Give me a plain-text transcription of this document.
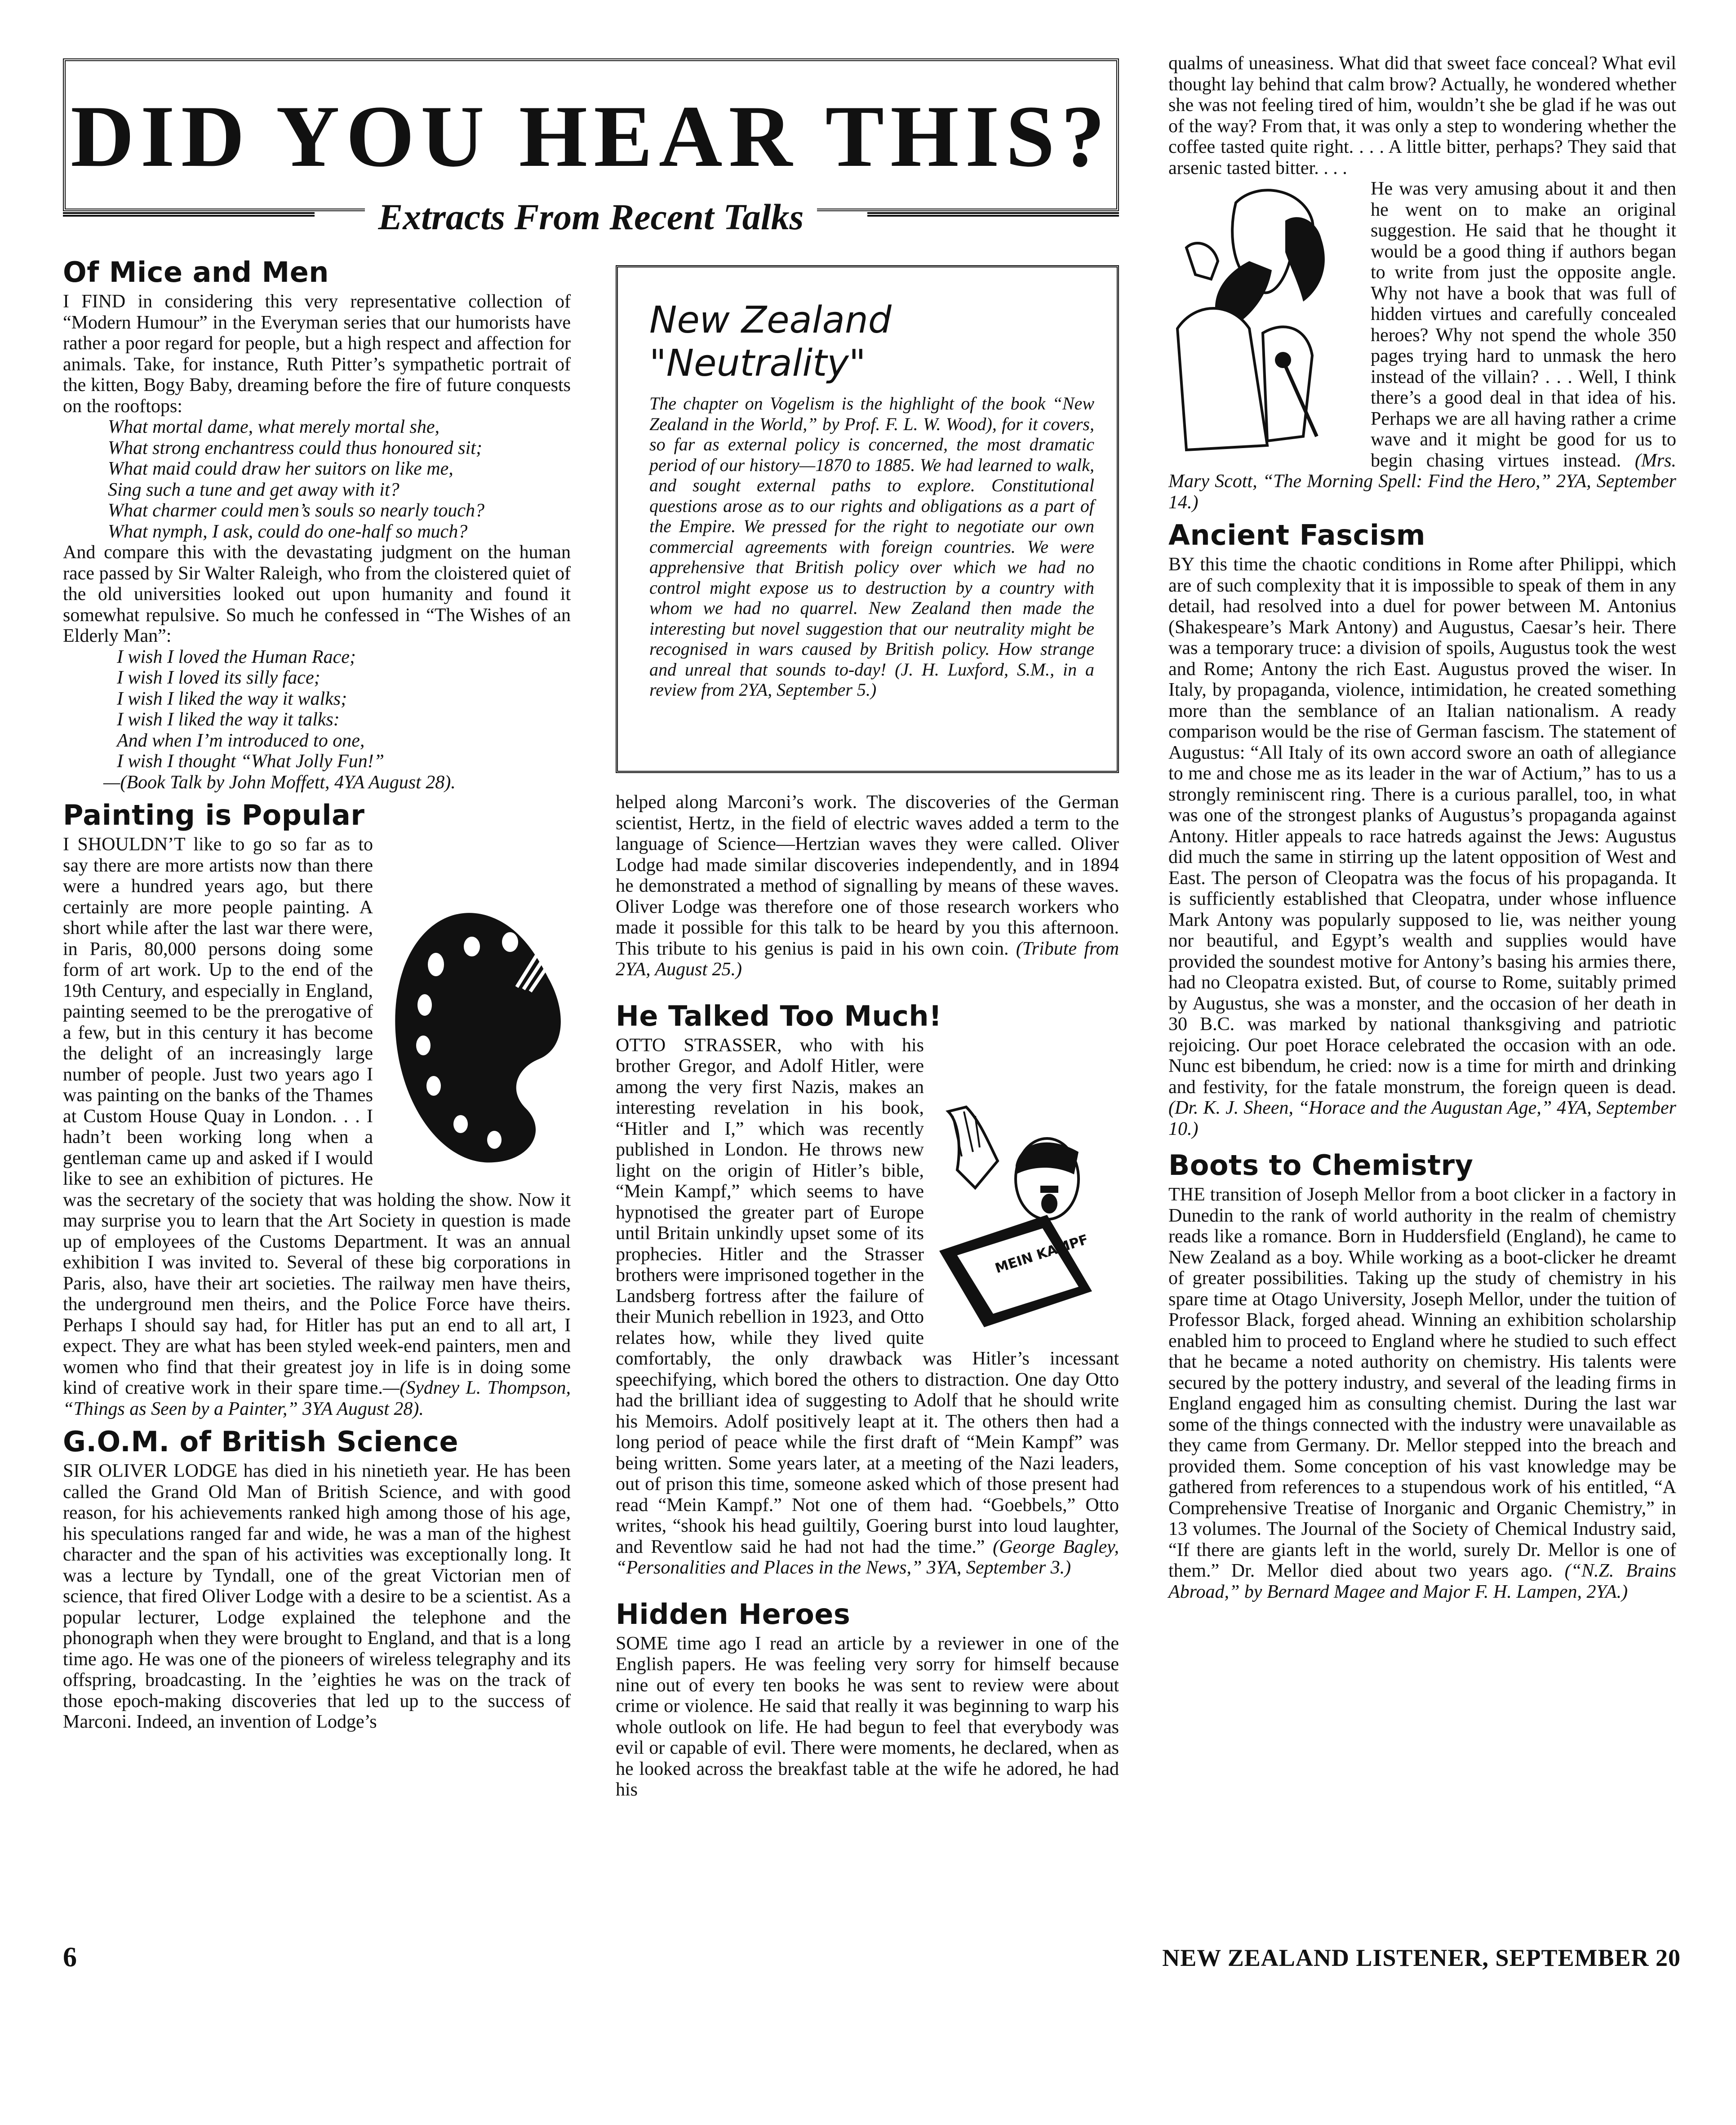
DID YOU HEAR THIS?
Extracts From Recent Talks
Of Mice and Men

I FIND in considering this very representative collection of “Modern Humour” in the Everyman series that our humorists have rather a poor regard for people, but a high respect and affection for animals. Take, for instance, Ruth Pitter’s sympathetic portrait of the kitten, Bogy Baby, dreaming before the fire of future conquests on the rooftops:

What mortal dame, what merely mortal she,
What strong enchantress could thus honoured sit;
What maid could draw her suitors on like me,
Sing such a tune and get away with it?
What charmer could men’s souls so nearly touch?
What nymph, I ask, could do one-half so much?

And compare this with the devastating judgment on the human race passed by Sir Walter Raleigh, who from the cloistered quiet of the old universities looked out upon humanity and found it somewhat repulsive. So much he confessed in “The Wishes of an Elderly Man”:

I wish I loved the Human Race;
I wish I loved its silly face;
I wish I liked the way it walks;
I wish I liked the way it talks:
And when I’m introduced to one,
I wish I thought “What Jolly Fun!”
—(Book Talk by John Moffett, 4YA August 28).
Painting is Popular

I SHOULDN’T like to go so far as to say there are more artists now than there were a hundred years ago, but there certainly are more people painting. A short while after the last war there were, in Paris, 80,000 persons doing some form of art work. Up to the end of the 19th Century, and especially in England, painting seemed to be the prerogative of a few, but in this century it has become the delight of an increasingly large number of people. Just two years ago I was painting on the banks of the Thames at Custom House Quay in London. . . I hadn’t been working long when a gentleman came up and asked if I would like to see an exhibition of pictures. He was the secretary of the society that was holding the show. Now it may surprise you to learn that the Art Society in question is made up of employees of the Customs Department. It was an annual exhibition I was invited to. Several of these big corporations in Paris, also, have their art societies. The railway men have theirs, the underground men theirs, and the Police Force have theirs. Perhaps I should say had, for Hitler has put an end to all art, I expect. They are what has been styled week-end painters, men and women who find that their greatest joy in life is in doing some kind of creative work in their spare time.—(Sydney L. Thompson, “Things as Seen by a Painter,” 3YA August 28).

G.O.M. of British Science

SIR OLIVER LODGE has died in his ninetieth year. He has been called the Grand Old Man of British Science, and with good reason, for his achievements ranked high among those of his age, his speculations ranged far and wide, he was a man of the highest character and the span of his activities was exceptionally long. It was a lecture by Tyndall, one of the great Victorian men of science, that fired Oliver Lodge with a desire to be a scientist. As a popular lecturer, Lodge explained the telephone and the phonograph when they were brought to England, and that is a long time ago. He was one of the pioneers of wireless telegraphy and its offspring, broadcasting. In the ’eighties he was on the track of those epoch-making discoveries that led up to the success of Marconi. Indeed, an invention of Lodge’s

New Zealand "Neutrality"
The chapter on Vogelism is the highlight of the book “New Zealand in the World,” by Prof. F. L. W. Wood), for it covers, so far as external policy is concerned, the most dramatic period of our history—1870 to 1885. We had learned to walk, and sought external paths to explore. Constitutional questions arose as to our rights and obligations as a part of the Empire. We pressed for the right to negotiate our own commercial agreements with foreign countries. We were apprehensive that British policy over which we had no control might expose us to destruction by a country with whom we had no quarrel. New Zealand then made the interesting but novel suggestion that our neutrality might be recognised in wars caused by British policy. How strange and unreal that sounds to-day! (J. H. Luxford, S.M., in a review from 2YA, September 5.)

helped along Marconi’s work. The discoveries of the German scientist, Hertz, in the field of electric waves added a term to the language of Science—Hertzian waves they were called. Oliver Lodge had made similar discoveries independently, and in 1894 he demonstrated a method of signalling by means of these waves. Oliver Lodge was therefore one of those research workers who made it possible for this talk to be heard by you this afternoon. This tribute to his genius is paid in his own coin. (Tribute from 2YA, August 25.)

He Talked Too Much!
MEIN KAMPF

OTTO STRASSER, who with his brother Gregor, and Adolf Hitler, were among the very first Nazis, makes an interesting revelation in his book, “Hitler and I,” which was recently published in London. He throws new light on the origin of Hitler’s bible, “Mein Kampf,” which seems to have hypnotised the greater part of Europe until Britain unkindly upset some of its prophecies. Hitler and the Strasser brothers were imprisoned together in the Landsberg fortress after the failure of their Munich rebellion in 1923, and Otto relates how, while they lived quite comfortably, the only drawback was Hitler’s incessant speechifying, which bored the others to distraction. One day Otto had the brilliant idea of suggesting to Adolf that he should write his Memoirs. Adolf positively leapt at it. The others then had a long period of peace while the first draft of “Mein Kampf” was being written. Some years later, at a meeting of the Nazi leaders, out of prison this time, someone asked which of those present had read “Mein Kampf.” Not one of them had. “Goebbels,” Otto writes, “shook his head guiltily, Goering burst into loud laughter, and Reventlow said he had not had the time.” (George Bagley, “Personalities and Places in the News,” 3YA, September 3.)

Hidden Heroes

SOME time ago I read an article by a reviewer in one of the English papers. He was feeling very sorry for himself because nine out of every ten books he was sent to review were about crime or violence. He said that really it was beginning to warp his whole outlook on life. He had begun to feel that everybody was evil or capable of evil. There were moments, he declared, when as he looked across the breakfast table at the wife he adored, he had his

qualms of uneasiness. What did that sweet face conceal? What evil thought lay behind that calm brow? Actually, he wondered whether she was not feeling tired of him, wouldn’t she be glad if he was out of the way? From that, it was only a step to wondering whether the coffee tasted quite right. . . . A little bitter, perhaps? They said that arsenic tasted bitter. . . .

He was very amusing about it and then he went on to make an original suggestion. He said that he thought it would be a good thing if authors began to write from just the opposite angle. Why not have a book that was full of hidden virtues and carefully concealed heroes? Why not spend the whole 350 pages trying hard to unmask the hero instead of the villain? . . . Well, I think there’s a good deal in that idea of his. Perhaps we are all having rather a crime wave and it might be good for us to begin chasing virtues instead. (Mrs. Mary Scott, “The Morning Spell: Find the Hero,” 2YA, September 14.)

Ancient Fascism

BY this time the chaotic conditions in Rome after Philippi, which are of such complexity that it is impossible to speak of them in any detail, had resolved into a duel for power between M. Antonius (Shakespeare’s Mark Antony) and Augustus, Caesar’s heir. There was a temporary truce: a division of spoils, Augustus took the west and Rome; Antony the rich East. Augustus proved the wiser. In Italy, by propaganda, violence, intimidation, he created something more than the semblance of an Italian nationalism. A ready comparison would be the rise of German fascism. The statement of Augustus: “All Italy of its own accord swore an oath of allegiance to me and chose me as its leader in the war of Actium,” has to us a strongly reminiscent ring. There is a curious parallel, too, in what was one of the strongest planks of Augustus’s propaganda against Antony. Hitler appeals to race hatreds against the Jews: Augustus did much the same in stirring up the latent opposition of West and East. The person of Cleopatra was the focus of his propaganda. It is sufficiently established that Cleopatra, under whose influence Mark Antony was popularly supposed to lie, was neither young nor beautiful, and Egypt’s wealth and supplies would have provided the soundest motive for Antony’s basing his armies there, had no Cleopatra existed. But, of course to Rome, suitably primed by Augustus, she was a monster, and the occasion of her death in 30 B.C. was marked by national thanksgiving and patriotic rejoicing. Our poet Horace celebrated the occasion with an ode. Nunc est bibendum, he cried: now is a time for mirth and drinking and festivity, for the fatale monstrum, the foreign queen is dead. (Dr. K. J. Sheen, “Horace and the Augustan Age,” 4YA, September 10.)

Boots to Chemistry

THE transition of Joseph Mellor from a boot clicker in a factory in Dunedin to the rank of world authority in the realm of chemistry reads like a romance. Born in Huddersfield (England), he came to New Zealand as a boy. While working as a boot-clicker he dreamt of greater possibilities. Taking up the study of chemistry in his spare time at Otago University, Joseph Mellor, under the tuition of Professor Black, forged ahead. Winning an exhibition scholarship enabled him to proceed to England where he studied to such effect that he became a noted authority on chemistry. His talents were secured by the pottery industry, and several of the leading firms in England engaged him as consulting chemist. During the last war some of the things connected with the industry were unavailable as they came from Germany. Dr. Mellor stepped into the breach and provided them. Some conception of his vast knowledge may be gathered from references to a stupendous work of his entitled, “A Comprehensive Treatise of Inorganic and Organic Chemistry,” in 13 volumes. The Journal of the Society of Chemical Industry said, “If there are giants left in the world, surely Dr. Mellor is one of them.” Dr. Mellor died about two years ago. (“N.Z. Brains Abroad,” by Bernard Magee and Major F. H. Lampen, 2YA.)

6	NEW ZEALAND LISTENER, SEPTEMBER 20
